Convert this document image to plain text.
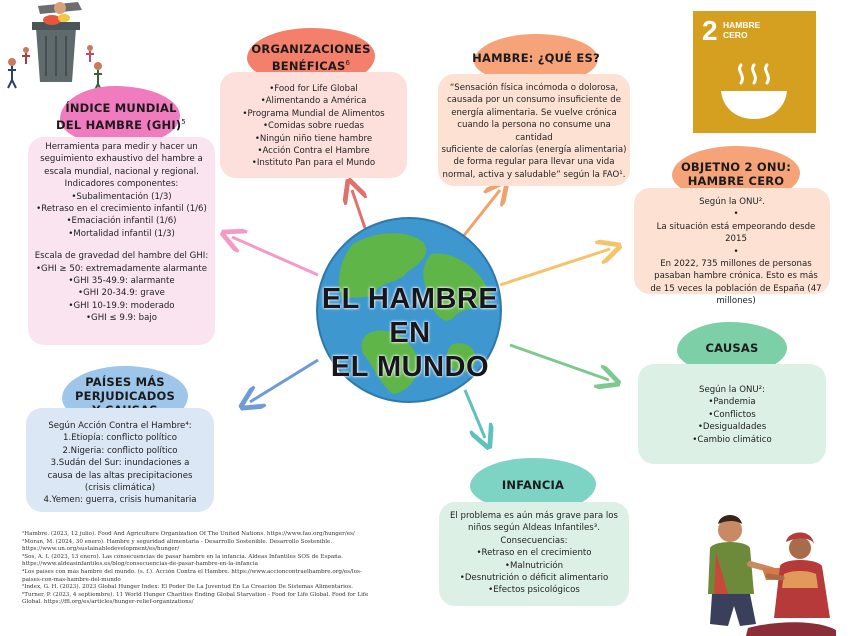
EL HAMBRE EN
EL MUNDO
2 HAMBRE
CERO
ÍNDICE MUNDIAL
DEL HAMBRE (GHI)$^5$
Herramienta para medir y hacer un
seguimiento exhaustivo del hambre a
escala mundial, nacional y regional.
Indicadores componentes:
•Subalimentación (1/3)
•Retraso en el crecimiento infantil (1/6)
•Emaciación infantil (1/6)
•Mortalidad infantil (1/3)
Escala de gravedad del hambre del GHI:
•GHI ≥ 50: extremadamente alarmante
•GHI 35-49.9: alarmante
•GHI 20-34.9: grave
•GHI 10-19.9: moderado
•GHI ≤ 9.9: bajo
ORGANIZACIONES
BENÉFICAS$^6$
•Food for Life Global
•Alimentando a América
•Programa Mundial de Alimentos
•Comidas sobre ruedas
•Ningún niño tiene hambre
•Acción Contra el Hambre
•Instituto Pan para el Mundo
HAMBRE: ¿QUÉ ES?
“Sensación física incómoda o dolorosa,
causada por un consumo insuficiente de
energía alimentaria. Se vuelve crónica
cuando la persona no consume una cantidad
suficiente de calorías (energía alimentaria)
de forma regular para llevar una vida
normal, activa y saludable” según la FAO¹.
OBJETNO 2 ONU:
HAMBRE CERO
Según la ONU².
•
La situación está empeorando desde
2015
•
En 2022, 735 millones de personas
pasaban hambre crónica. Esto es más
de 15 veces la población de España (47
millones)
CAUSAS
Según la ONU²:
•Pandemia
•Conflictos
•Desigualdades
•Cambio climático
PAÍSES MÁS
PERJUDICADOS
Según Acción Contra el Hambre⁴:
1.Etiopía: conflicto político
2.Nigeria: conflicto político
3.Sudán del Sur: inundaciones a
causa de las altas precipitaciones
(crisis climática)
4.Yemen: guerra, crisis humanitaria
INFANCIA
El problema es aún más grave para los
niños según Aldeas Infantiles³.
Consecuencias:
•Retraso en el crecimiento
•Malnutrición
•Desnutrición o déficit alimentario
•Efectos psicológicos
¹Hambre. (2023, 12 julio). Food And Agriculture Organization Of The United Nations. https://www.fao.org/hunger/es/
²Moran, M. (2024, 30 enero). Hambre y seguridad alimentaria - Desarrollo Sostenible. Desarrollo Sostenible.
https://www.un.org/sustainabledevelopment/es/hunger/
³Sos, A. I. (2023, 13 enero). Las consecuencias de pasar hambre en la infancia. Aldeas Infantiles SOS de España.
https://www.aldeasinfantiles.es/blog/consecuencias-de-pasar-hambre-en-la-infancia
⁴Los países con más hambre del mundo. (s. f.). Acción Contra el Hambre. https://www.accioncontraelhambre.org/es/los-
paises-con-mas-hambre-del-mundo
⁵Index, G. H. (2023). 2023 Global Hunger Index: El Poder De La Juventud En La Creación De Sistemas Alimentarios.
⁶Turner, P. (2023, 4 septiembre). 11 World Hunger Charities Ending Global Starvation - Food for Life Global. Food for Life
Global. https://ffl.org/es/articles/hunger-relief-organizations/
